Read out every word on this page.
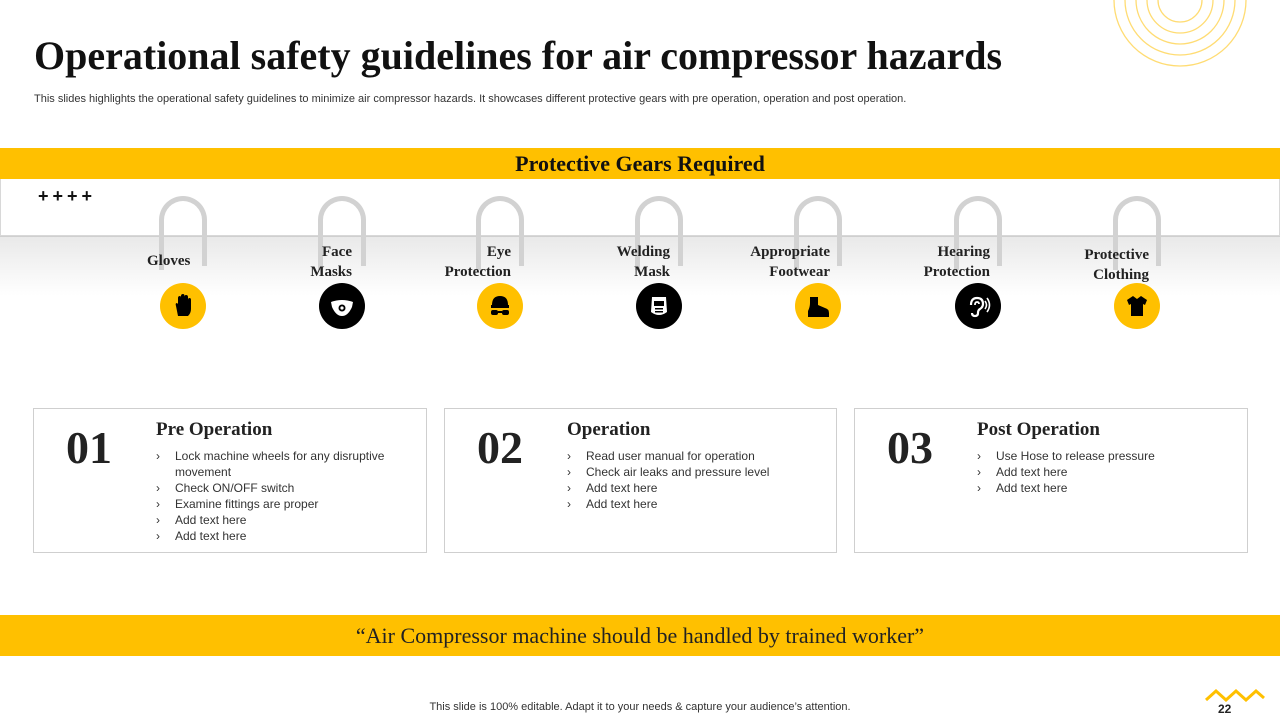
Operational safety guidelines for air compressor hazards

This slides highlights the operational safety guidelines to minimize air compressor hazards. It showcases different protective gears with pre operation, operation and post operation.

Protective Gears Required
++++
Gloves
Face
Masks
Eye
Protection
Welding
Mask
Appropriate
Footwear
Hearing
Protection
Protective
Clothing
01 Pre Operation
› Lock machine wheels for any disruptive movement
› Check ON/OFF switch
› Examine fittings are proper
› Add text here
› Add text here
02 Operation
› Read user manual for operation
› Check air leaks and pressure level
› Add text here
› Add text here
03 Post Operation
› Use Hose to release pressure
› Add text here
› Add text here
“Air Compressor machine should be handled by trained worker”
This slide is 100% editable. Adapt it to your needs & capture your audience’s attention.	22
